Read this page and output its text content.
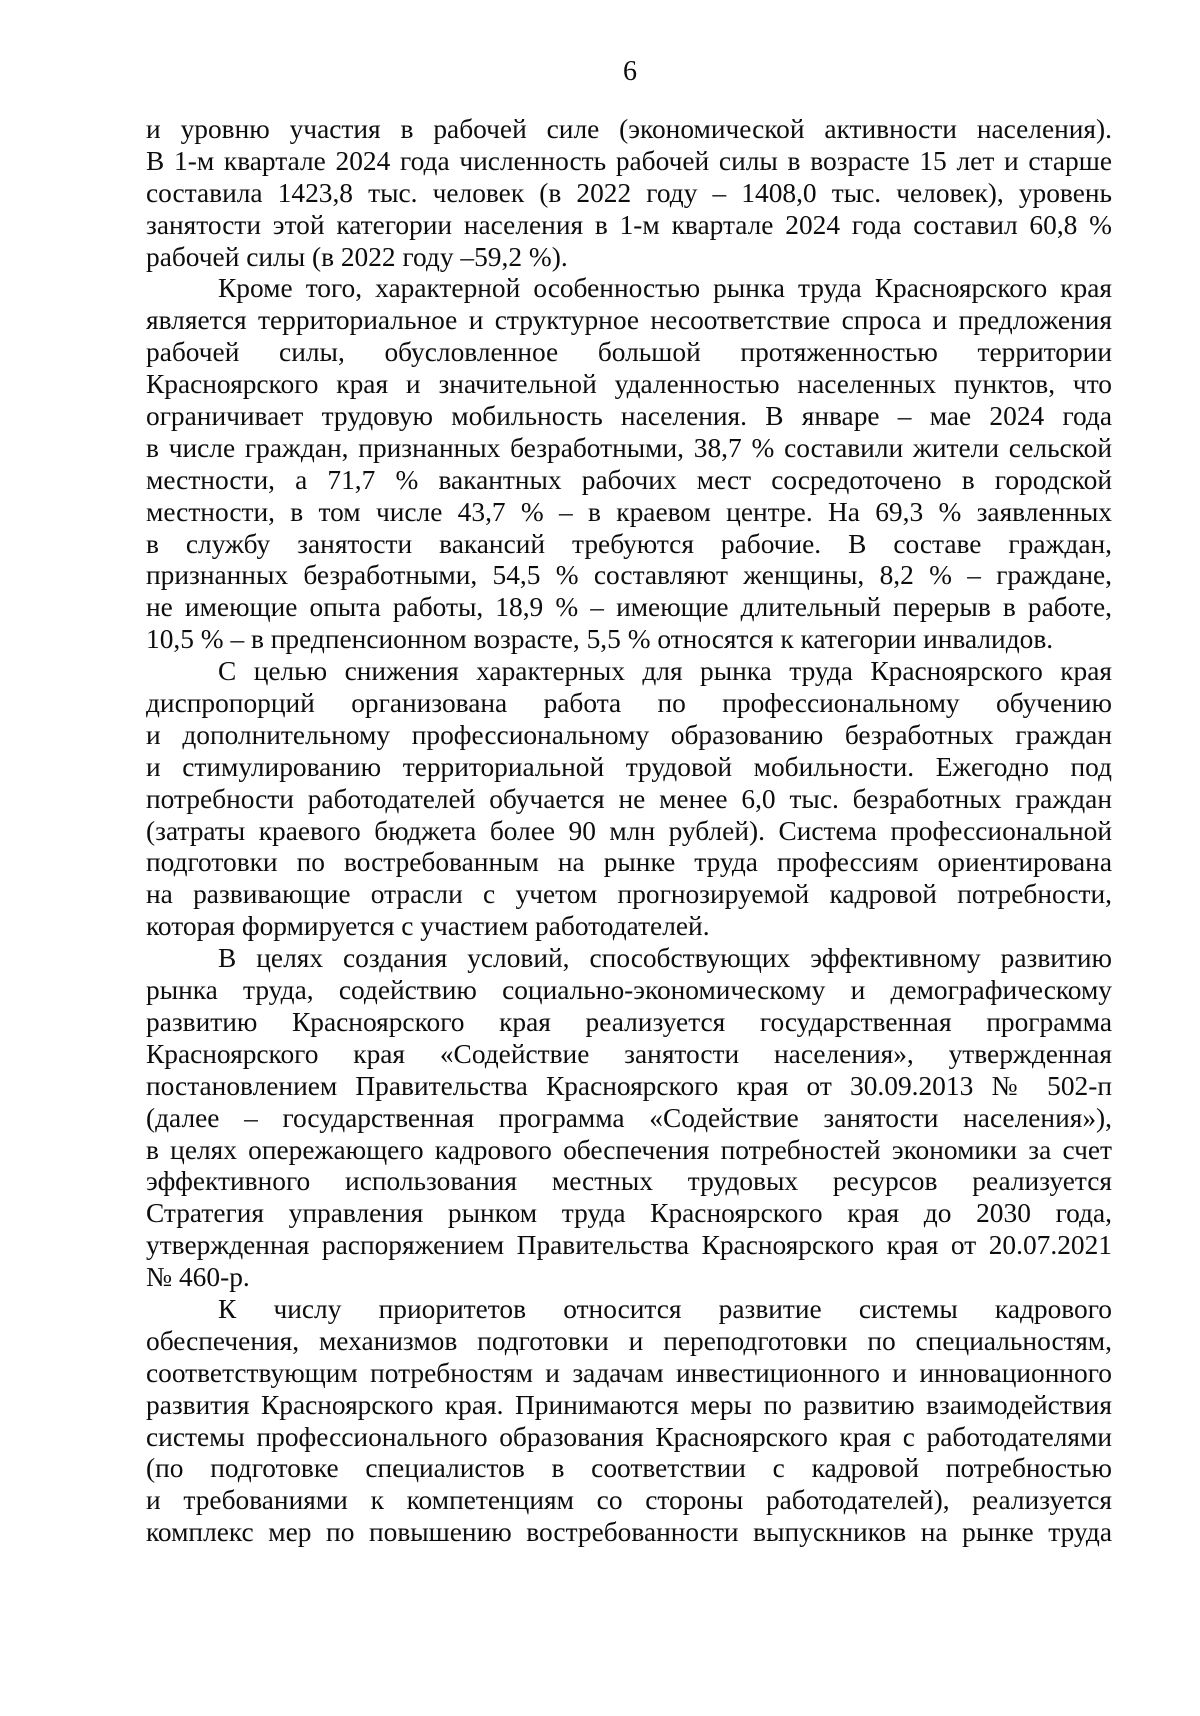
6
и уровню участия в рабочей силе (экономической активности населения).
В 1-м квартале 2024 года численность рабочей силы в возрасте 15 лет и старше
составила 1423,8 тыс. человек (в 2022 году – 1408,0 тыс. человек), уровень
занятости этой категории населения в 1-м квартале 2024 года составил 60,8 %
рабочей силы (в 2022 году –59,2 %).
Кроме того, характерной особенностью рынка труда Красноярского края
является территориальное и структурное несоответствие спроса и предложения
рабочей силы, обусловленное большой протяженностью территории
Красноярского края и значительной удаленностью населенных пунктов, что
ограничивает трудовую мобильность населения. В январе – мае 2024 года
в числе граждан, признанных безработными, 38,7 % составили жители сельской
местности, а 71,7 % вакантных рабочих мест сосредоточено в городской
местности, в том числе 43,7 % – в краевом центре. На 69,3 % заявленных
в службу занятости вакансий требуются рабочие. В составе граждан,
признанных безработными, 54,5 % составляют женщины, 8,2 % – граждане,
не имеющие опыта работы, 18,9 % – имеющие длительный перерыв в работе,
10,5 % – в предпенсионном возрасте, 5,5 % относятся к категории инвалидов.
С целью снижения характерных для рынка труда Красноярского края
диспропорций организована работа по профессиональному обучению
и дополнительному профессиональному образованию безработных граждан
и стимулированию территориальной трудовой мобильности. Ежегодно под
потребности работодателей обучается не менее 6,0 тыс. безработных граждан
(затраты краевого бюджета более 90 млн рублей). Система профессиональной
подготовки по востребованным на рынке труда профессиям ориентирована
на развивающие отрасли с учетом прогнозируемой кадровой потребности,
которая формируется с участием работодателей.
В целях создания условий, способствующих эффективному развитию
рынка труда, содействию социально-экономическому и демографическому
развитию Красноярского края реализуется государственная программа
Красноярского края «Содействие занятости населения», утвержденная
постановлением Правительства Красноярского края от 30.09.2013 № 502-п
(далее – государственная программа «Содействие занятости населения»),
в целях опережающего кадрового обеспечения потребностей экономики за счет
эффективного использования местных трудовых ресурсов реализуется
Стратегия управления рынком труда Красноярского края до 2030 года,
утвержденная распоряжением Правительства Красноярского края от 20.07.2021
№ 460-р.
К числу приоритетов относится развитие системы кадрового
обеспечения, механизмов подготовки и переподготовки по специальностям,
соответствующим потребностям и задачам инвестиционного и инновационного
развития Красноярского края. Принимаются меры по развитию взаимодействия
системы профессионального образования Красноярского края с работодателями
(по подготовке специалистов в соответствии с кадровой потребностью
и требованиями к компетенциям со стороны работодателей), реализуется
комплекс мер по повышению востребованности выпускников на рынке труда
